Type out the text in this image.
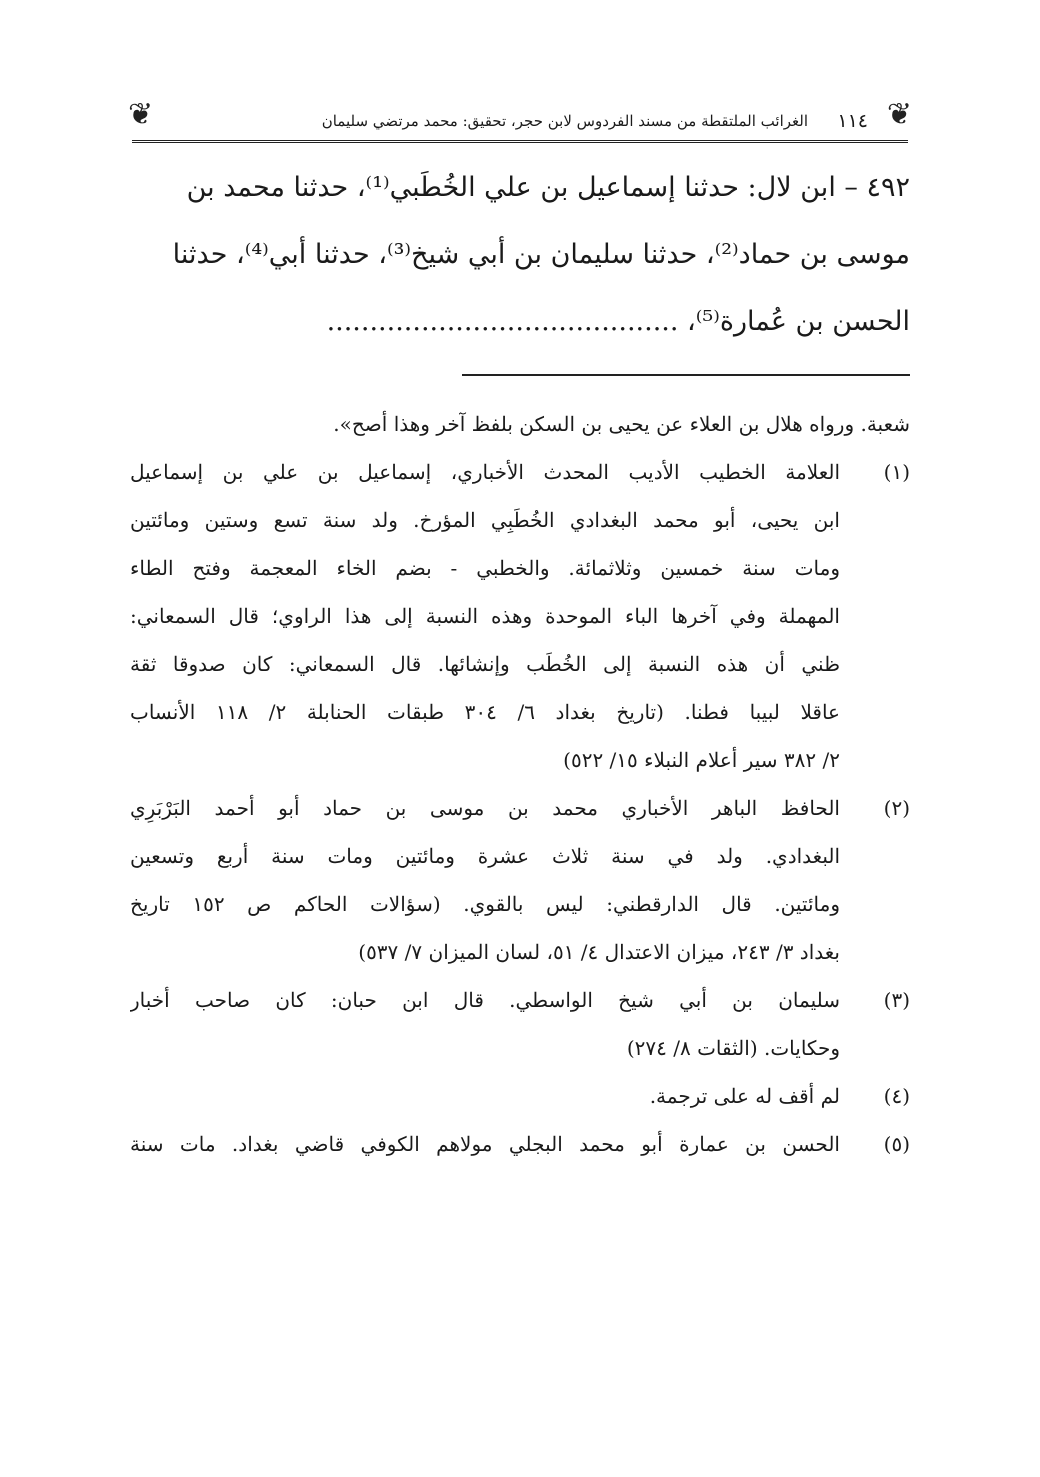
❦	الغرائب الملتقطة من مسند الفردوس لابن حجر، تحقيق: محمد مرتضي سليمان ١١٤ ❦
٤٩٢ – ابن لال: حدثنا إسماعيل بن علي الخُطَبي⁽¹⁾، حدثنا محمد بن
موسى بن حماد⁽²⁾، حدثنا سليمان بن أبي شيخ⁽³⁾، حدثنا أبي⁽⁴⁾، حدثنا
الحسن بن عُمارة⁽⁵⁾، .........................................
شعبة. ورواه هلال بن العلاء عن يحيى بن السكن بلفظ آخر وهذا أصح».
(١)
العلامة الخطيب الأديب المحدث الأخباري، إسماعيل بن علي بن إسماعيل
ابن يحيى، أبو محمد البغدادي الخُطَبِي المؤرخ. ولد سنة تسع وستين ومائتين
ومات سنة خمسين وثلاثمائة. والخطبي - بضم الخاء المعجمة وفتح الطاء
المهملة وفي آخرها الباء الموحدة وهذه النسبة إلى هذا الراوي؛ قال السمعاني:
ظني أن هذه النسبة إلى الخُطَب وإنشائها. قال السمعاني: كان صدوقا ثقة
عاقلا لبيبا فطنا. (تاريخ بغداد ٦/ ٣٠٤ طبقات الحنابلة ٢/ ١١٨ الأنساب
٢/ ٣٨٢ سير أعلام النبلاء ١٥/ ٥٢٢)
(٢)
الحافظ الباهر الأخباري محمد بن موسى بن حماد أبو أحمد البَرْبَرِي
البغدادي. ولد في سنة ثلاث عشرة ومائتين ومات سنة أربع وتسعين
ومائتين. قال الدارقطني: ليس بالقوي. (سؤالات الحاكم ص ١٥٢ تاريخ
بغداد ٣/ ٢٤٣، ميزان الاعتدال ٤/ ٥١، لسان الميزان ٧/ ٥٣٧)
(٣)
سليمان بن أبي شيخ الواسطي. قال ابن حبان: كان صاحب أخبار
وحكايات. (الثقات ٨/ ٢٧٤)
(٤)
لم أقف له على ترجمة.
(٥)
الحسن بن عمارة أبو محمد البجلي مولاهم الكوفي قاضي بغداد. مات سنة
